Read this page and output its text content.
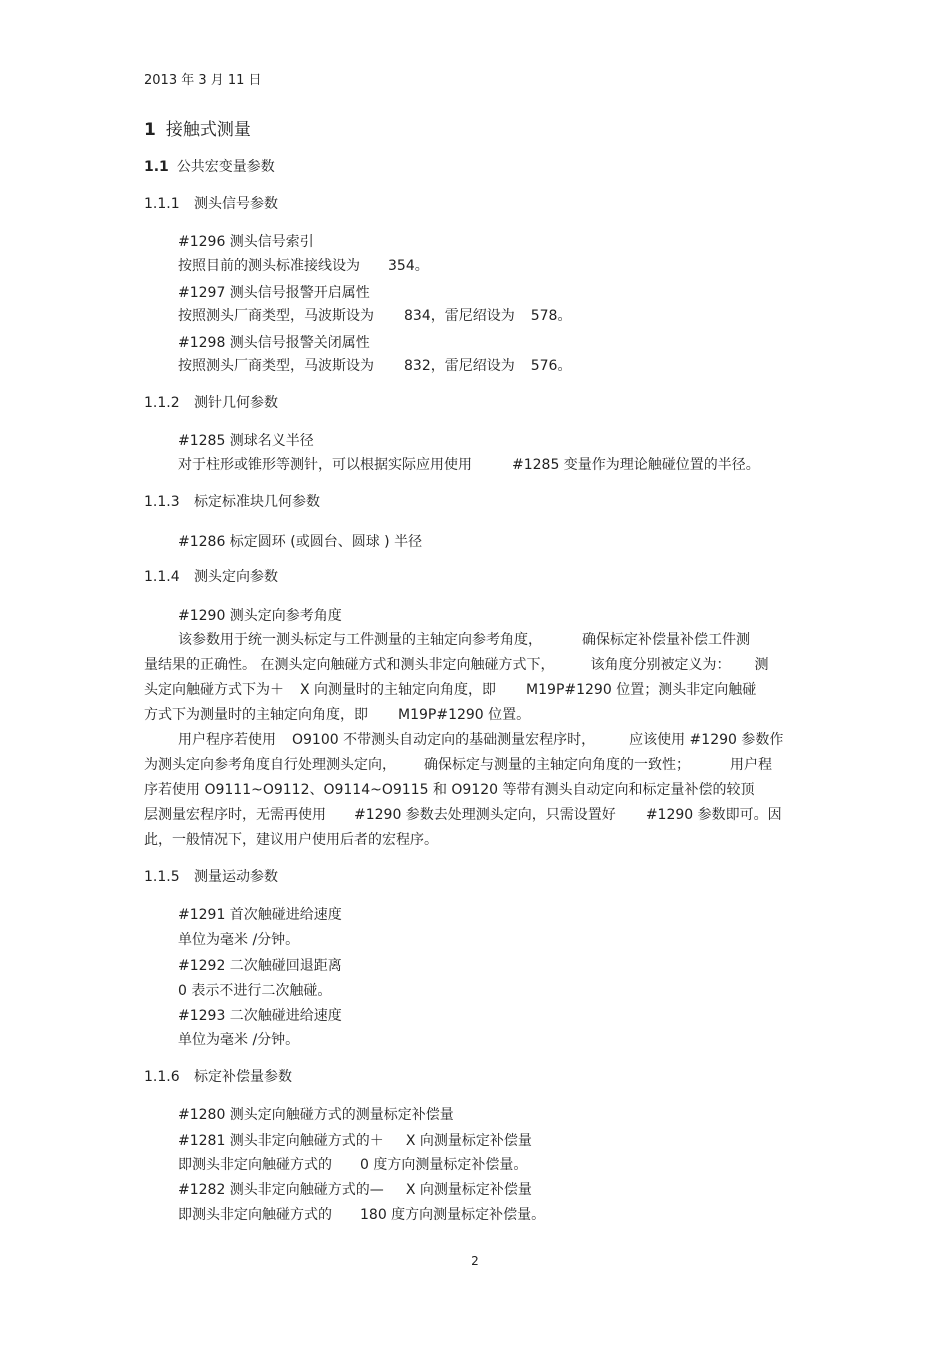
2013 年 3 月 11 日
1 接触式测量
1.1 公共宏变量参数
1.1.1 测头信号参数
#1296 测头信号索引
按照目前的测头标准接线设为 354。
#1297 测头信号报警开启属性
按照测头厂商类型，马波斯设为 834，雷尼绍设为 578。
#1298 测头信号报警关闭属性
按照测头厂商类型，马波斯设为 832，雷尼绍设为 576。
1.1.2 测针几何参数
#1285 测球名义半径
对于柱形或锥形等测针，可以根据实际应用使用	#1285 变量作为理论触碰位置的半径。
1.1.3 标定标准块几何参数
#1286 标定圆环 (或圆台、圆球 ) 半径
1.1.4 测头定向参数
#1290 测头定向参考角度
该参数用于统一测头标定与工件测量的主轴定向参考角度，	确保标定补偿量补偿工件测
量结果的正确性。 在测头定向触碰方式和测头非定向触碰方式下，	该角度分别被定义为： 测
头定向触碰方式下为＋ X 向测量时的主轴定向角度，即 M19P#1290 位置；测头非定向触碰
方式下为测量时的主轴定向角度，即 M19P#1290 位置。
用户程序若使用 O9100 不带测头自动定向的基础测量宏程序时， 应该使用 #1290 参数作
为测头定向参考角度自行处理测头定向， 确保标定与测量的主轴定向角度的一致性；	用户程
序若使用 O9111~O9112、O9114~O9115 和 O9120 等带有测头自动定向和标定量补偿的较顶
层测量宏程序时，无需再使用 #1290 参数去处理测头定向，只需设置好 #1290 参数即可。因
此，一般情况下，建议用户使用后者的宏程序。
1.1.5 测量运动参数
#1291 首次触碰进给速度
单位为毫米 /分钟。
#1292 二次触碰回退距离
0 表示不进行二次触碰。
#1293 二次触碰进给速度
单位为毫米 /分钟。
1.1.6 标定补偿量参数
#1280 测头定向触碰方式的测量标定补偿量
#1281 测头非定向触碰方式的＋ X 向测量标定补偿量
即测头非定向触碰方式的 0 度方向测量标定补偿量。
#1282 测头非定向触碰方式的— X 向测量标定补偿量
即测头非定向触碰方式的 180 度方向测量标定补偿量。
2
